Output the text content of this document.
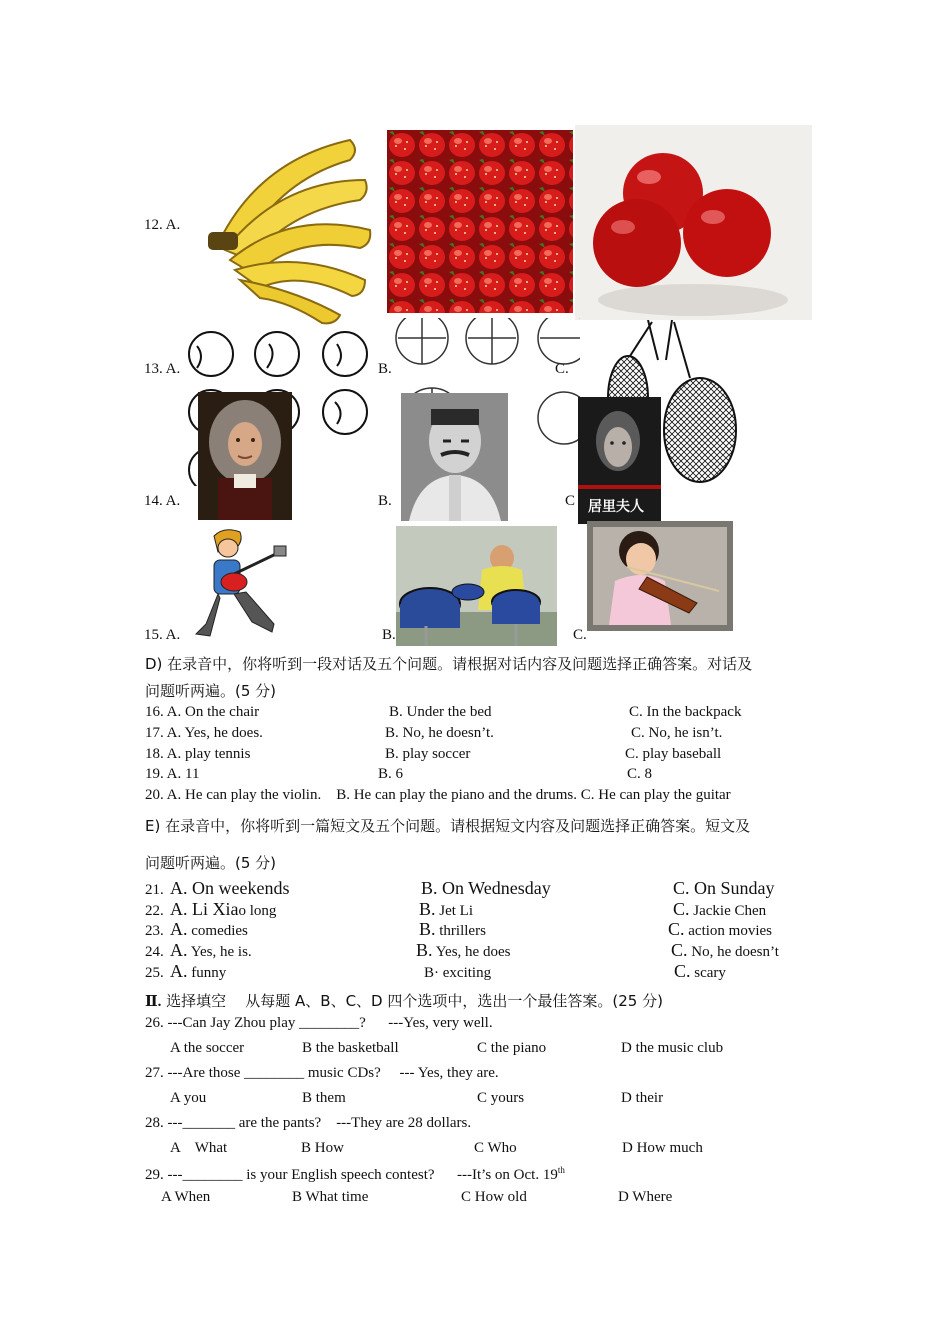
12. A.
13. A.	B.	C.
居里夫人
14. A.	B.	C
15. A.	B.	C.
D) 在录音中，你将听到一段对话及五个问题。请根据对话内容及问题选择正确答案。对话及
问题听两遍。(5 分)
16. A. On the chair	B. Under the bed	C. In the backpack
17. A. Yes, he does.	B. No, he doesn’t.	C. No, he isn’t.
18. A. play tennis	B. play soccer	C. play baseball
19. A. 11	B. 6	C. 8
20. A. He can play the violin.    B. He can play the piano and the drums. C. He can play the guitar
E) 在录音中，你将听到一篇短文及五个问题。请根据短文内容及问题选择正确答案。短文及
问题听两遍。(5 分)
21. A. On weekends	B. On Wednesday	C. On Sunday
22. A. Li Xiao long	B. Jet Li	C. Jackie Chen
23. A. comedies	B. thrillers	C. action movies
24. A. Yes, he is.	B. Yes, he does	C. No, he doesn’t
25. A. funny	B· exciting	C. scary
Ⅱ. 选择填空    从每题 A、B、C、D 四个选项中，选出一个最佳答案。(25 分)
26. ---Can Jay Zhou play ________?      ---Yes, very well.
A the soccer	B the basketball	C the piano	D the music club
27. ---Are those ________ music CDs?     --- Yes, they are.
A you	B them	C yours	D their
28. ---_______ are the pants?    ---They are 28 dollars.
A    What	B How	C Who	D How much
29. ---________ is your English speech contest?      ---It’s on Oct. 19th
A When	B What time	C How old	D Where
